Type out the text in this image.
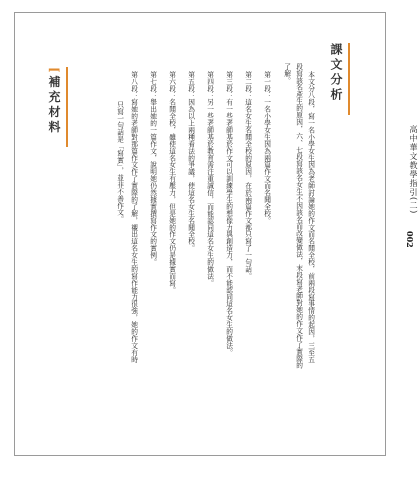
高中華文教學指引(二)
002
課文分析
本文分八段，寫一名小學女生因為老師討論她的作文而名聞全校，前兩段寫事情的起因，三至五
段寫該名產生的原因，六、七段寫該名女生不因該名而改變做法，末段寫老師對她的作文作了實際的
了解。
第一段：一名小學女生因為兩篇作文而名聞全校。
第二段：這名女生名聞全校的原因，在於兩篇作文都只寫了一句話。
第三段：有一些老師基於作文可以訓練學生的想像力與創造力，而不能認同這名女生的做法。
第四段：另一些老師基於教育需注重誠信，而能認同這名女生的做法。
第五段：因為以上兩種看法的爭議，使這名女生名聞全校。
第六段：名聞全校，雖使這名女生有壓力，但是她的作文仍是據實而寫。
第七段：舉出她的一篇作文，說明她仍然據實撰寫作文的實例。
第八段：寫她的老師對那篇作文作了實際的了解，襯出這名女生的寫作能力很強，她的作文有時
只寫一句話是「寫實」，並非不善作文。
[補充材料
